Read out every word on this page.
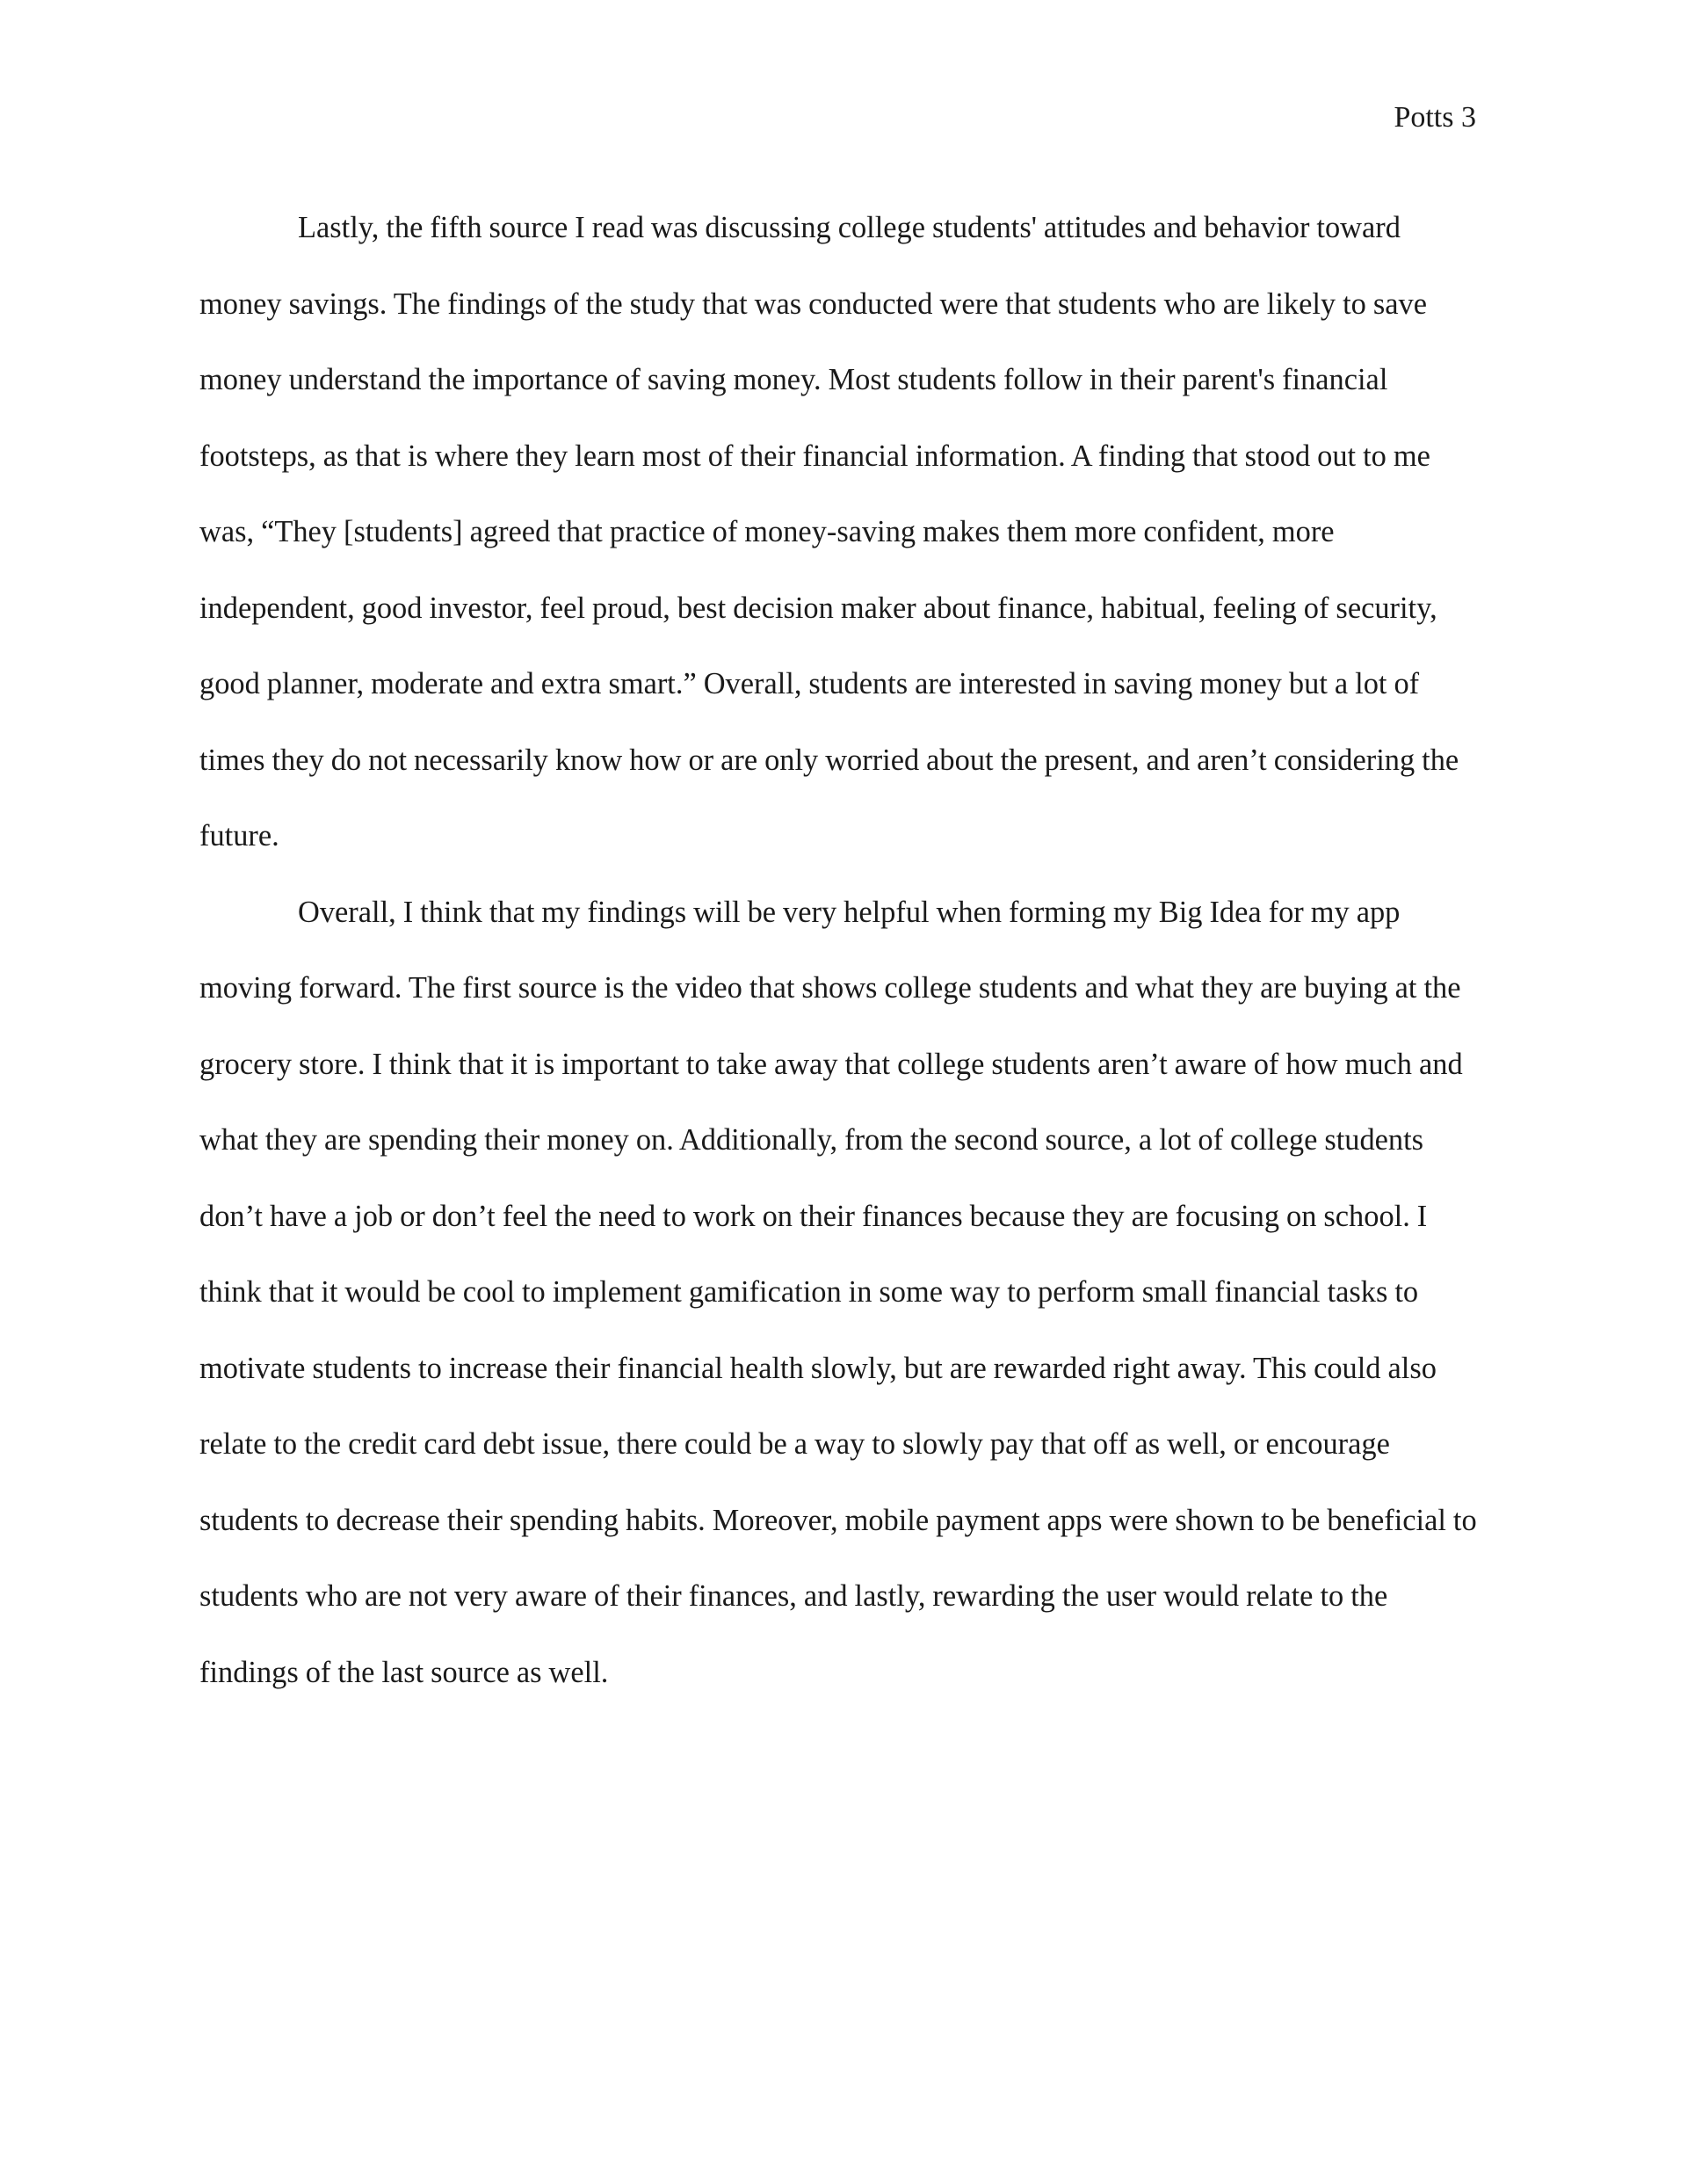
Potts 3

Lastly, the fifth source I read was discussing college students' attitudes and behavior toward money savings. The findings of the study that was conducted were that students who are likely to save money understand the importance of saving money. Most students follow in their parent's financial footsteps, as that is where they learn most of their financial information. A finding that stood out to me was, “They [students] agreed that practice of money-saving makes them more confident, more independent, good investor, feel proud, best decision maker about finance, habitual, feeling of security, good planner, moderate and extra smart.” Overall, students are interested in saving money but a lot of times they do not necessarily know how or are only worried about the present, and aren’t considering the future.

Overall, I think that my findings will be very helpful when forming my Big Idea for my app moving forward. The first source is the video that shows college students and what they are buying at the grocery store. I think that it is important to take away that college students aren’t aware of how much and what they are spending their money on. Additionally, from the second source, a lot of college students don’t have a job or don’t feel the need to work on their finances because they are focusing on school. I think that it would be cool to implement gamification in some way to perform small financial tasks to motivate students to increase their financial health slowly, but are rewarded right away. This could also relate to the credit card debt issue, there could be a way to slowly pay that off as well, or encourage students to decrease their spending habits. Moreover, mobile payment apps were shown to be beneficial to students who are not very aware of their finances, and lastly, rewarding the user would relate to the findings of the last source as well.
